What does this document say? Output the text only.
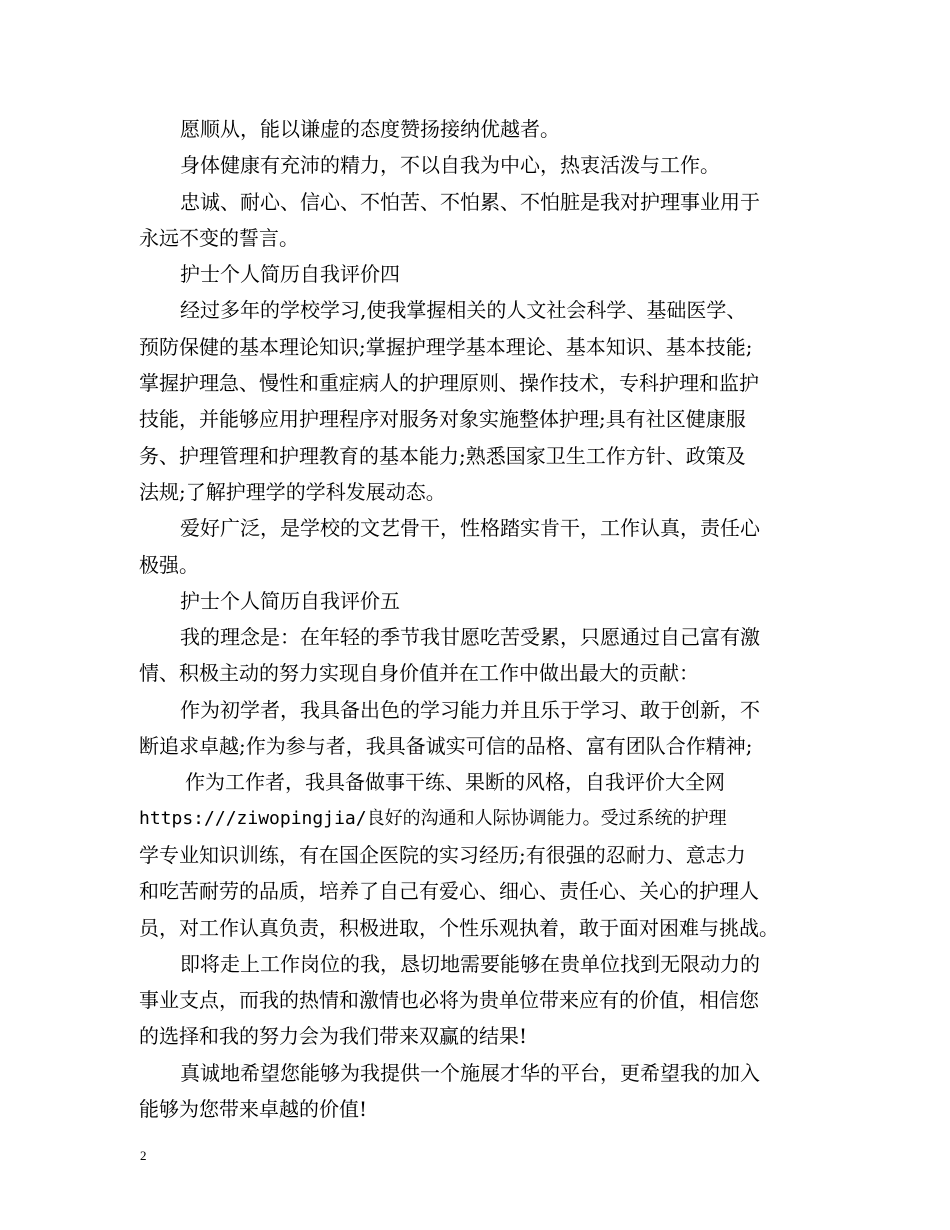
愿顺从，能以谦虚的态度赞扬接纳优越者。
身体健康有充沛的精力，不以自我为中心，热衷活泼与工作。
忠诚、耐心、信心、不怕苦、不怕累、不怕脏是我对护理事业用于
永远不变的誓言。
护士个人简历自我评价四
经过多年的学校学习,使我掌握相关的人文社会科学、基础医学、
预防保健的基本理论知识;掌握护理学基本理论、基本知识、基本技能;
掌握护理急、慢性和重症病人的护理原则、操作技术，专科护理和监护
技能，并能够应用护理程序对服务对象实施整体护理;具有社区健康服
务、护理管理和护理教育的基本能力;熟悉国家卫生工作方针、政策及
法规;了解护理学的学科发展动态。
爱好广泛，是学校的文艺骨干，性格踏实肯干，工作认真，责任心
极强。
护士个人简历自我评价五
我的理念是：在年轻的季节我甘愿吃苦受累，只愿通过自己富有激
情、积极主动的努力实现自身价值并在工作中做出最大的贡献：
作为初学者，我具备出色的学习能力并且乐于学习、敢于创新，不
断追求卓越;作为参与者，我具备诚实可信的品格、富有团队合作精神;
作为工作者，我具备做事干练、果断的风格，自我评价大全网
https:///ziwopingjia/良好的沟通和人际协调能力。受过系统的护理
学专业知识训练，有在国企医院的实习经历;有很强的忍耐力、意志力
和吃苦耐劳的品质，培养了自己有爱心、细心、责任心、关心的护理人
员，对工作认真负责，积极进取，个性乐观执着，敢于面对困难与挑战。
即将走上工作岗位的我，恳切地需要能够在贵单位找到无限动力的
事业支点，而我的热情和激情也必将为贵单位带来应有的价值，相信您
的选择和我的努力会为我们带来双赢的结果!
真诚地希望您能够为我提供一个施展才华的平台，更希望我的加入
能够为您带来卓越的价值!
2
